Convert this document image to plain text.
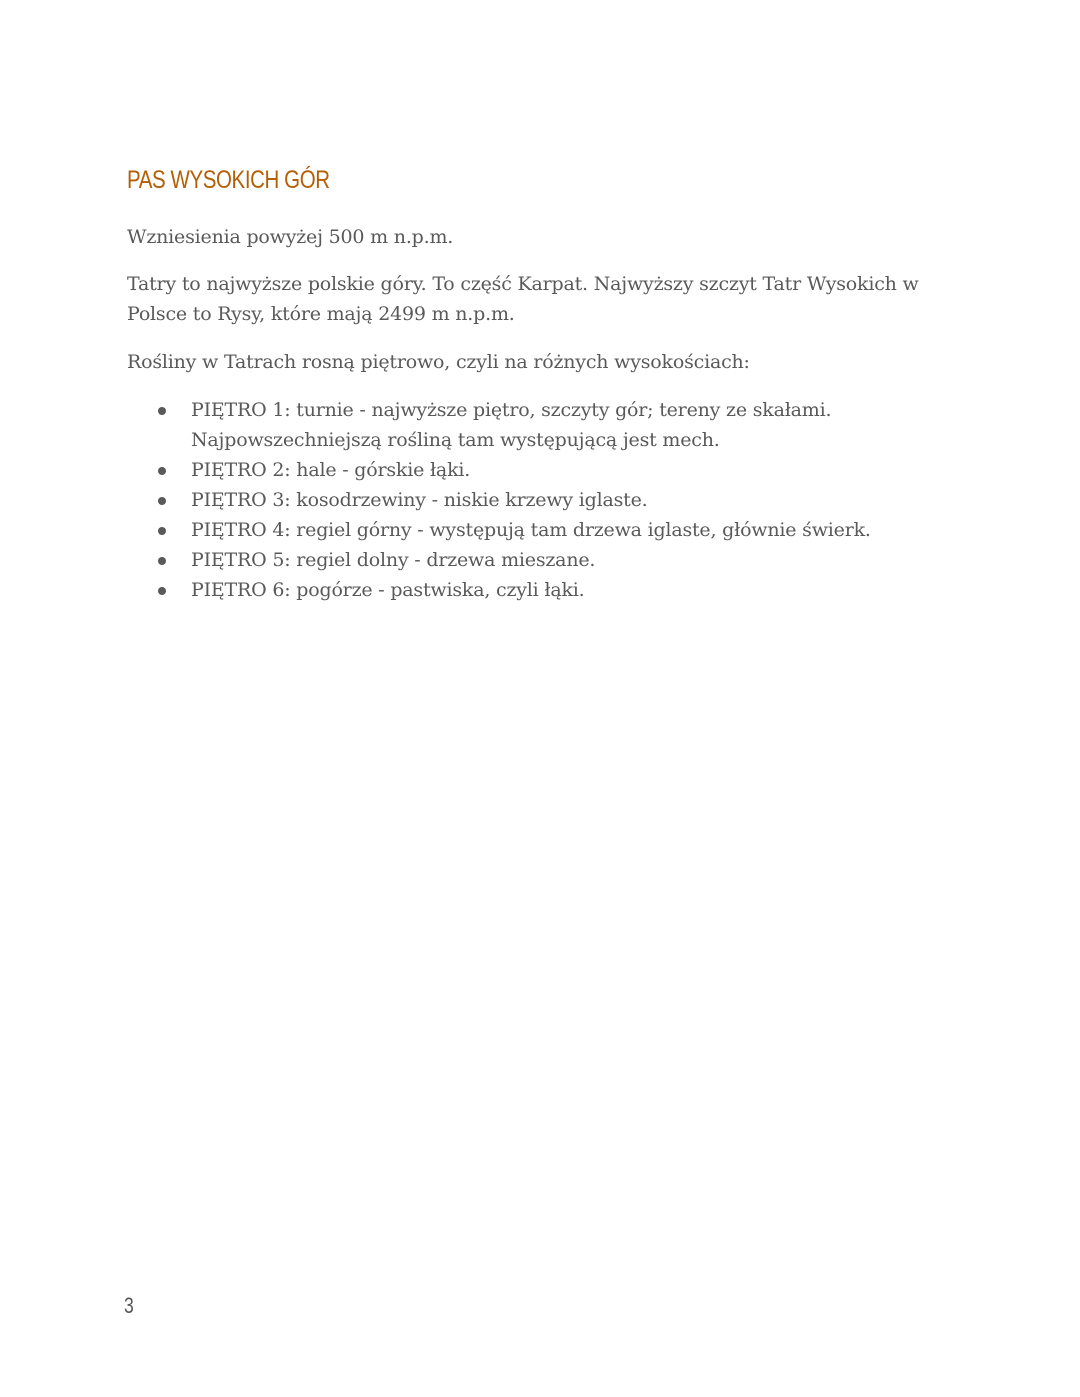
PAS WYSOKICH GÓR

Wzniesienia powyżej 500 m n.p.m.

Tatry to najwyższe polskie góry. To część Karpat. Najwyższy szczyt Tatr Wysokich w Polsce to Rysy, które mają 2499 m n.p.m.

Rośliny w Tatrach rosną piętrowo, czyli na różnych wysokościach:

PIĘTRO 1: turnie - najwyższe piętro, szczyty gór; tereny ze skałami. Najpowszechniejszą rośliną tam występującą jest mech.
PIĘTRO 2: hale - górskie łąki.
PIĘTRO 3: kosodrzewiny - niskie krzewy iglaste.
PIĘTRO 4: regiel górny - występują tam drzewa iglaste, głównie świerk.
PIĘTRO 5: regiel dolny - drzewa mieszane.
PIĘTRO 6: pogórze - pastwiska, czyli łąki.
3
